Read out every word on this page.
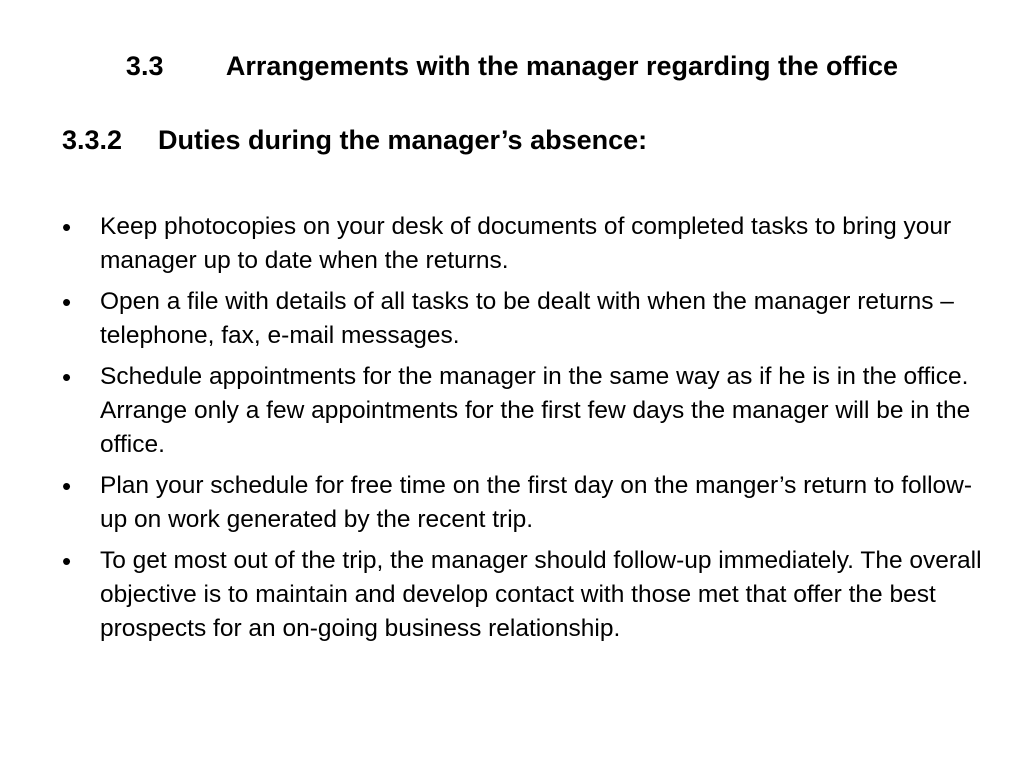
3.3 Arrangements with the manager regarding the office
3.3.2 Duties during the manager’s absence:
• Keep photocopies on your desk of documents of completed tasks to bring your manager up to date when the returns.
• Open a file with details of all tasks to be dealt with when the manager returns – telephone, fax, e-mail messages.
• Schedule appointments for the manager in the same way as if he is in the office. Arrange only a few appointments for the first few days the manager will be in the office.
• Plan your schedule for free time on the first day on the manger’s return to follow-up on work generated by the recent trip.
• To get most out of the trip, the manager should follow-up immediately. The overall objective is to maintain and develop contact with those met that offer the best prospects for an on-going business relationship.
